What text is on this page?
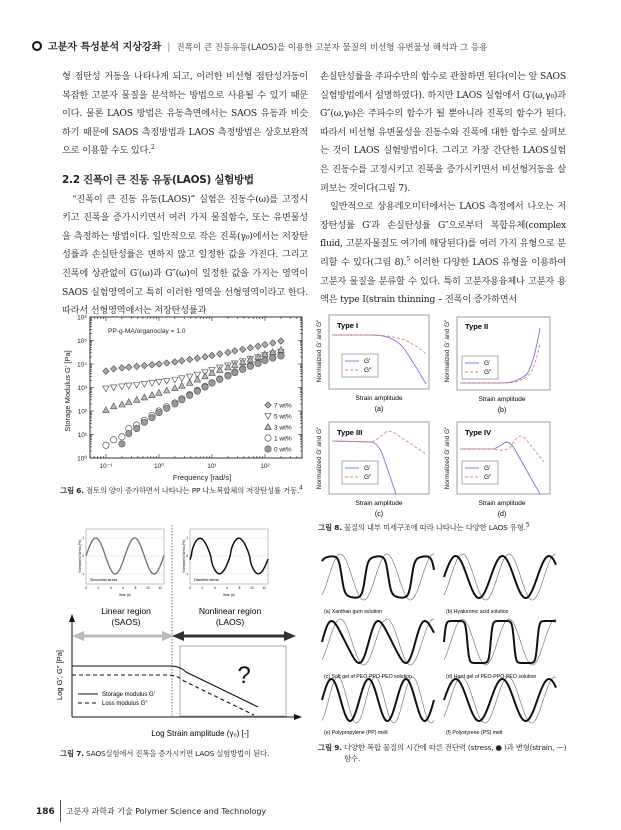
고분자 특성분석 지상강좌 | 진폭이 큰 진동유동(LAOS)을 이용한 고분자 물질의 비선형 유변물성 해석과 그 응용

형 점탄성 거동을 나타나게 되고, 이러한 비선형 점탄성거동이 복잡한 고분자 물질을 분석하는 방법으로 사용될 수 있기 때문이다. 물론 LAOS 방법은 유동측면에서는 SAOS 유동과 비슷하기 때문에 SAOS 측정방법과 LAOS 측정방법은 상호보완적으로 이용할 수도 있다.$^2$

2.2 진폭이 큰 진동 유동(LAOS) 실험방법

“진폭이 큰 진동 유동(LAOS)” 실험은 진동수(ω)를 고정시키고 진폭을 증가시키면서 여러 가지 물질함수, 또는 유변물성을 측정하는 방법이다. 일반적으로 작은 진폭(γ₀)에서는 저장탄성률과 손실탄성률은 변하지 않고 일정한 값을 가진다. 그리고 진폭에 상관없이 G′(ω)과 G″(ω)이 일정한 값을 가지는 영역이 SAOS 실험영역이고 특히 이러한 영역을 선형영역이라고 한다. 따라서 선형영역에서는 저장탄성률과

손실탄성률을 주파수만의 함수로 관찰하면 된다(이는 앞 SAOS 실험방법에서 설명하였다). 하지만 LAOS 실험에서 G′(ω,γ₀)과 G″(ω,γ₀)은 주파수의 함수가 될 뿐아니라 진폭의 함수가 된다. 따라서 비선형 유변물성을 진동수와 진폭에 대한 함수로 살펴보는 것이 LAOS 실험방법이다. 그리고 가장 간단한 LAOS실험은 진동수를 고정시키고 진폭을 증가시키면서 비선형거동을 살펴보는 것이다(그림 7).

일반적으로 상용레오미터에서는 LAOS 측정에서 나오는 저장탄성률 G′과 손실탄성률 G″으로부터 복합유체(complex fluid, 고분자물질도 여기에 해당된다)를 여러 가지 유형으로 분리할 수 있다(그림 8).$^5$ 이러한 다양한 LAOS 유형을 이용하여 고분자 물질을 분류할 수 있다. 특히 고분자용융체나 고분자 용액은 type I(strain thinning – 진폭이 증가하면서

10⁻¹	10⁰	10¹	10²
10⁰
10¹
10²
10³
10⁴
10⁵
10⁶
7 wt%
5 wt%
3 wt%
1 wt%
0 wt%
Storage Modulus G' [Pa]
Frequency [rad/s]
PP-g-MA/organoclay = 1.0
그림 6. 점토의 양이 증가하면서 나타나는 PP 나노복합체의 저장탄성률 거동.$^4$
Normalized G′ and G″ Type I
G′
G″
Strain amplitude
(a)
Normalized G′ and G″ Type II
G′
G″
Strain amplitude
(b)
Normalized G′ and G″ Type III
G′
G″
Strain amplitude
(c)
Normalized G′ and G″ Type IV
G′
G″
Strain amplitude
(d)
그림 8. 물질의 내부 미세구조에 따라 나타나는 다양한 LAOS 유형.$^5$
Sinusoidal stress
Normalized Stress (Pa)
time (s)
0	2	4	6	8	10	12
1
0
-1
Distorted stress
Normalized Stress (Pa)
time (s)
0	2	4	6	8	10	12
1
0
-1
Linear region
(SAOS)
Nonlinear region
(LAOS)
Log G′, G″ [Pa]
Log Strain amplitude (γ₀) [-]
?
Storage modulus G′
Loss modulus G″
그림 7. SAOS실험에서 진폭을 증가시키면 LAOS 실험방법이 된다.
(a) Xanthan gum solution	(b) Hyaluronic acid solution
(c) Soft gel of PEO-PPO-PEO solution	(d) Hard gel of PEO-PPO-PEO solution
(e) Polypropylene (PP) melt	(f) Polystyrene (PS) melt
그림 9. 다양한 복합 물질의 시간에 따른 전단력 (stress, ● )과 변형(strain, —) 함수.
186 고분자 과학과 기술 Polymer Science and Technology
